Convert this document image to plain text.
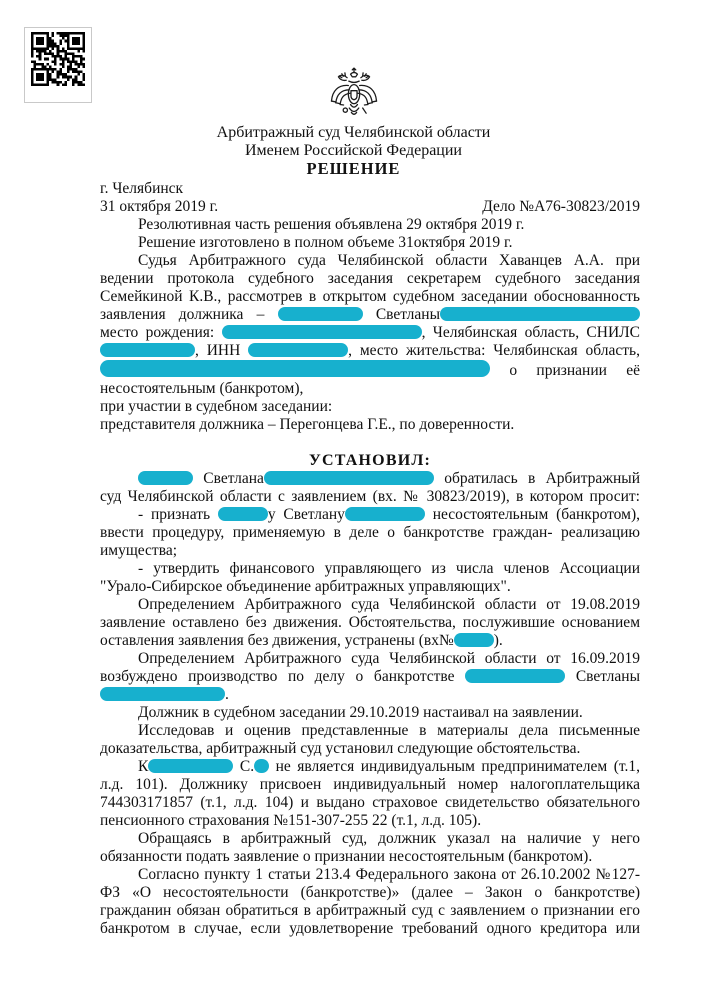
Арбитражный суд Челябинской области
Именем Российской Федерации
РЕШЕНИЕ
г. Челябинск
31 октября 2019 г.	Дело №А76-30823/2019
Резолютивная часть решения объявлена 29 октября 2019 г.
Решение изготовлено в полном объеме 31октября 2019 г.
Судья Арбитражного суда Челябинской области Хаванцев А.А. при
ведении протокола судебного заседания секретарем судебного заседания
Семейкиной К.В., рассмотрев в открытом судебном заседании обоснованность
заявления должника –	Светланы
место рождения:	, Челябинская область, СНИЛС
, ИНН	, место жительства: Челябинская область,
о признании её
несостоятельным (банкротом),
при участии в судебном заседании:
представителя должника – Перегонцева Г.Е., по доверенности.
УСТАНОВИЛ:
Светлана	обратилась в Арбитражный
суд Челябинской области с заявлением (вх. № 30823/2019), в котором просит:
- признать	у Светлану	несостоятельным (банкротом),
ввести процедуру, применяемую в деле о банкротстве граждан- реализацию
имущества;
- утвердить финансового управляющего из числа членов Ассоциации
"Урало-Сибирское объединение арбитражных управляющих".
Определением Арбитражного суда Челябинской области от 19.08.2019
заявление оставлено без движения. Обстоятельства, послужившие основанием
оставления заявления без движения, устранены (вх№	).
Определением Арбитражного суда Челябинской области от 16.09.2019
возбуждено производство по делу о банкротстве	Светланы
.
Должник в судебном заседании 29.10.2019 настаивал на заявлении.
Исследовав и оценив представленные в материалы дела письменные
доказательства, арбитражный суд установил следующие обстоятельства.
К	С. не является индивидуальным предпринимателем (т.1,
л.д. 101). Должнику присвоен индивидуальный номер налогоплательщика
744303171857 (т.1, л.д. 104) и выдано страховое свидетельство обязательного
пенсионного страхования №151-307-255 22 (т.1, л.д. 105).
Обращаясь в арбитражный суд, должник указал на наличие у него
обязанности подать заявление о признании несостоятельным (банкротом).
Согласно пункту 1 статьи 213.4 Федерального закона от 26.10.2002 №127-
ФЗ «О несостоятельности (банкротстве)» (далее – Закон о банкротстве)
гражданин обязан обратиться в арбитражный суд с заявлением о признании его
банкротом в случае, если удовлетворение требований одного кредитора или
